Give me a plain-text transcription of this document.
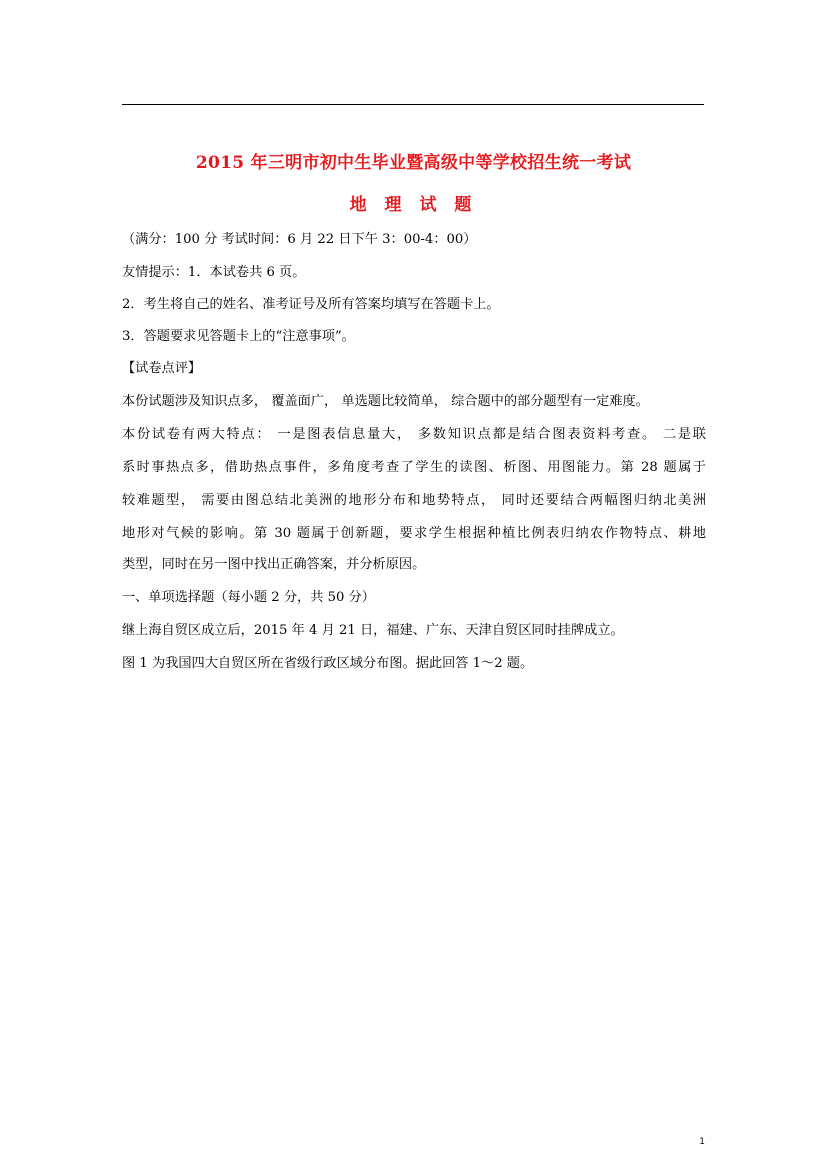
2015 年三明市初中生毕业暨高级中等学校招生统一考试
地 理 试 题
（满分：100 分 考试时间：6 月 22 日下午 3：00-4：00）
友情提示：1．本试卷共 6 页。
2．考生将自己的姓名、准考证号及所有答案均填写在答题卡上。
3．答题要求见答题卡上的“注意事项”。
【试卷点评】
本份试题涉及知识点多， 覆盖面广， 单选题比较简单， 综合题中的部分题型有一定难度。
本份试卷有两大特点： 一是图表信息量大， 多数知识点都是结合图表资料考查。 二是联
系时事热点多，借助热点事件，多角度考查了学生的读图、析图、用图能力。第 28 题属于
较难题型， 需要由图总结北美洲的地形分布和地势特点， 同时还要结合两幅图归纳北美洲
地形对气候的影响。第 30 题属于创新题，要求学生根据种植比例表归纳农作物特点、耕地
类型，同时在另一图中找出正确答案，并分析原因。
一、单项选择题（每小题 2 分，共 50 分）
继上海自贸区成立后，2015 年 4 月 21 日，福建、广东、天津自贸区同时挂牌成立。
图 1 为我国四大自贸区所在省级行政区域分布图。据此回答 1～2 题。
1
